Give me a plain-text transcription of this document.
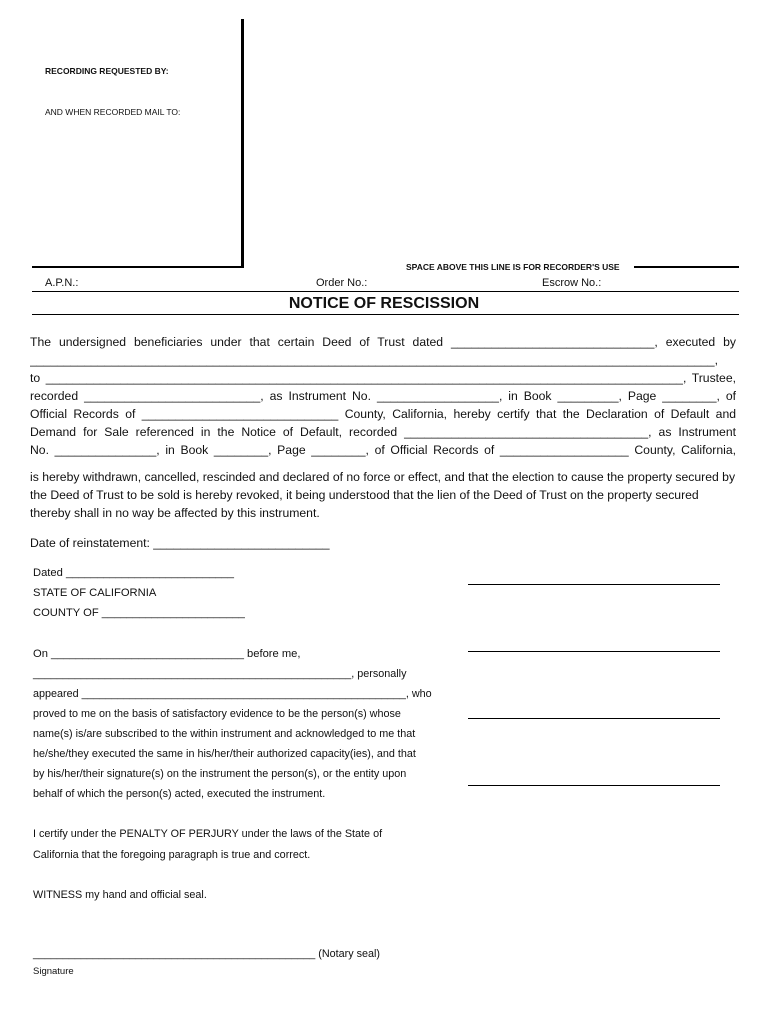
RECORDING REQUESTED BY:
AND WHEN RECORDED MAIL TO:
SPACE ABOVE THIS LINE IS FOR RECORDER'S USE
A.P.N.:	Order No.:	Escrow No.:
NOTICE OF RESCISSION
The undersigned beneficiaries under that certain Deed of Trust dated ______________________________, executed by
_____________________________________________________________________________________________________,
to ______________________________________________________________________________________________, Trustee,
recorded __________________________, as Instrument No. __________________, in Book _________, Page ________, of
Official Records of _____________________________ County, California, hereby certify that the Declaration of Default and
Demand for Sale referenced in the Notice of Default, recorded ____________________________________, as Instrument
No. _______________, in Book ________, Page ________, of Official Records of ___________________ County, California,
is hereby withdrawn, cancelled, rescinded and declared of no force or effect, and that the election to cause the property secured by the Deed of Trust to be sold is hereby revoked, it being understood that the lien of the Deed of Trust on the property secured thereby shall in no way be affected by this instrument.
Date of reinstatement: __________________________
Dated ___________________________
STATE OF CALIFORNIA
COUNTY OF _______________________
On _______________________________ before me,
_____________________________________________________, personally
appeared ______________________________________________________, who
proved to me on the basis of satisfactory evidence to be the person(s) whose
name(s) is/are subscribed to the within instrument and acknowledged to me that
he/she/they executed the same in his/her/their authorized capacity(ies), and that
by his/her/their signature(s) on the instrument the person(s), or the entity upon
behalf of which the person(s) acted, executed the instrument.
I certify under the PENALTY OF PERJURY under the laws of the State of
California that the foregoing paragraph is true and correct.
WITNESS my hand and official seal.
_______________________________________________ (Notary seal)
Signature
